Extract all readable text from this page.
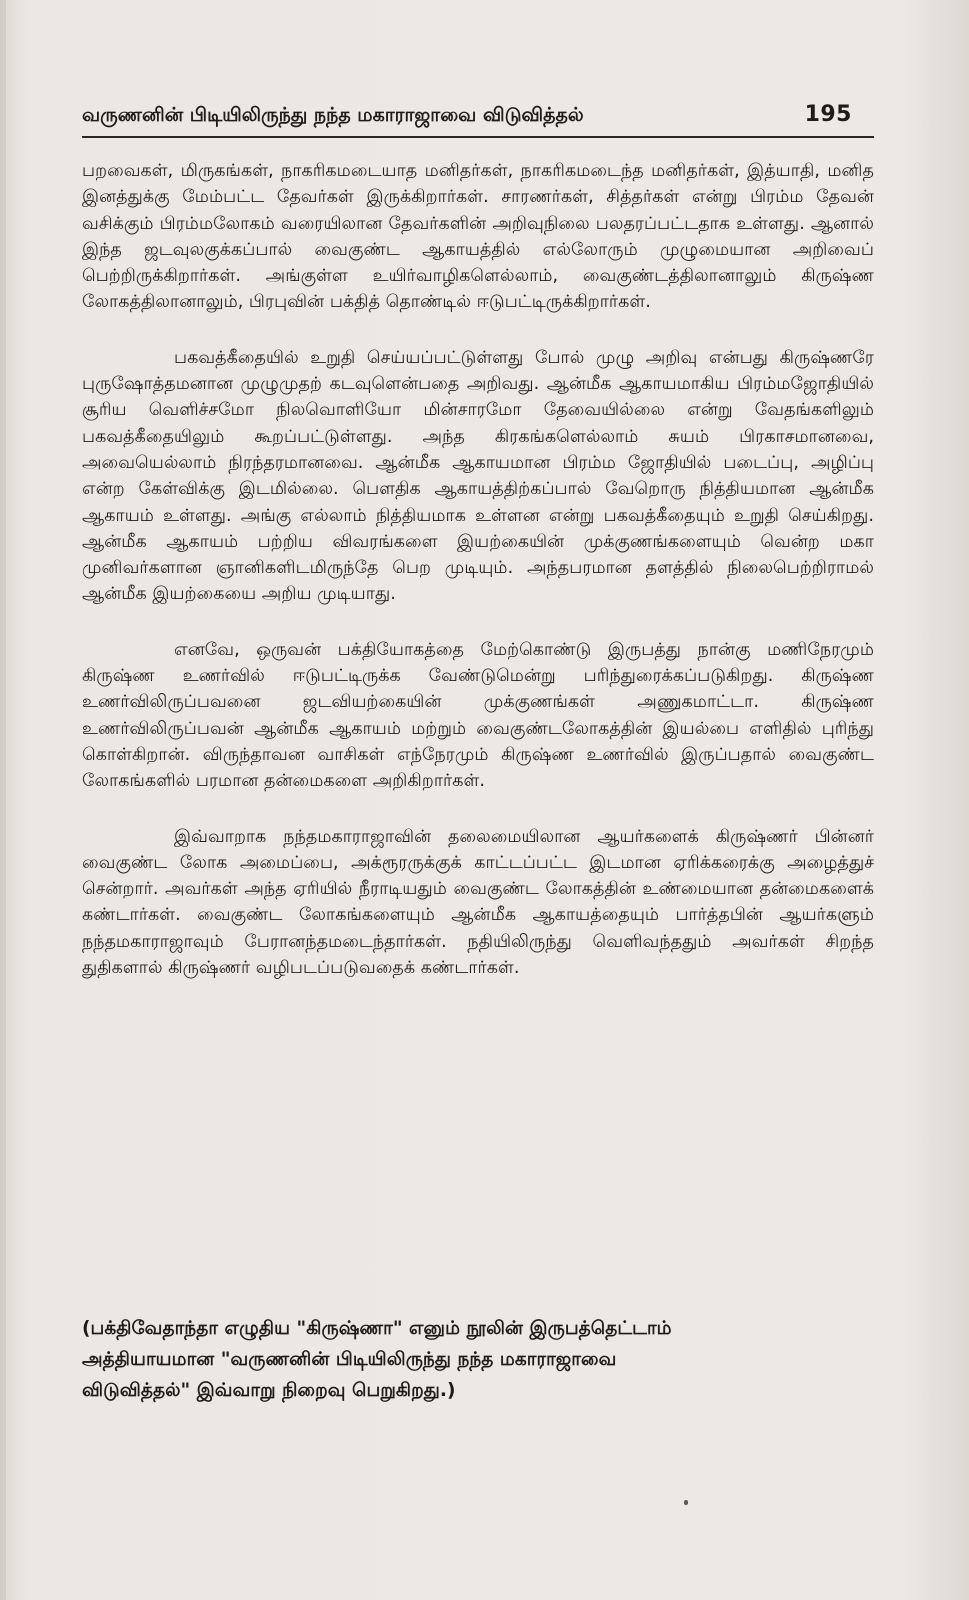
வருணனின் பிடியிலிருந்து நந்த மகாராஜாவை விடுவித்தல்	195

பறவைகள், மிருகங்கள், நாகரிகமடையாத மனிதர்கள், நாகரிகமடைந்த மனிதர்கள், இத்யாதி, மனித இனத்துக்கு மேம்பட்ட தேவர்கள் இருக்கிறார்கள். சாரணர்கள், சித்தர்கள் என்று பிரம்ம தேவன் வசிக்கும் பிரம்மலோகம் வரையிலான தேவர்களின் அறிவுநிலை பலதரப்பட்டதாக உள்ளது. ஆனால் இந்த ஜடவுலகுக்கப்பால் வைகுண்ட ஆகாயத்தில் எல்லோரும் முழுமையான அறிவைப் பெற்றிருக்கிறார்கள். அங்குள்ள உயிர்வாழிகளெல்லாம், வைகுண்டத்திலானாலும் கிருஷ்ண லோகத்திலானாலும், பிரபுவின் பக்தித் தொண்டில் ஈடுபட்டிருக்கிறார்கள்.

பகவத்கீதையில் உறுதி செய்யப்பட்டுள்ளது போல் முழு அறிவு என்பது கிருஷ்ணரே புருஷோத்தமனான முழுமுதற் கடவுளென்பதை அறிவது. ஆன்மீக ஆகாயமாகிய பிரம்மஜோதியில் சூரிய வெளிச்சமோ நிலவொளியோ மின்சாரமோ தேவையில்லை என்று வேதங்களிலும் பகவத்கீதையிலும் கூறப்பட்டுள்ளது. அந்த கிரகங்களெல்லாம் சுயம் பிரகாசமானவை, அவையெல்லாம் நிரந்தரமானவை. ஆன்மீக ஆகாயமான பிரம்ம ஜோதியில் படைப்பு, அழிப்பு என்ற கேள்விக்கு இடமில்லை. பௌதிக ஆகாயத்திற்கப்பால் வேறொரு நித்தியமான ஆன்மீக ஆகாயம் உள்ளது. அங்கு எல்லாம் நித்தியமாக உள்ளன என்று பகவத்கீதையும் உறுதி செய்கிறது. ஆன்மீக ஆகாயம் பற்றிய விவரங்களை இயற்கையின் முக்குணங்களையும் வென்ற மகா முனிவர்களான ஞானிகளிடமிருந்தே பெற முடியும். அந்தபரமான தளத்தில் நிலைபெற்றிராமல் ஆன்மீக இயற்கையை அறிய முடியாது.

எனவே, ஒருவன் பக்தியோகத்தை மேற்கொண்டு இருபத்து நான்கு மணிநேரமும் கிருஷ்ண உணர்வில் ஈடுபட்டிருக்க வேண்டுமென்று பரிந்துரைக்கப்படுகிறது. கிருஷ்ண உணர்விலிருப்பவனை ஜடவியற்கையின் முக்குணங்கள் அணுகமாட்டா. கிருஷ்ண உணர்விலிருப்பவன் ஆன்மீக ஆகாயம் மற்றும் வைகுண்டலோகத்தின் இயல்பை எளிதில் புரிந்து கொள்கிறான். விருந்தாவன வாசிகள் எந்நேரமும் கிருஷ்ண உணர்வில் இருப்பதால் வைகுண்ட லோகங்களில் பரமான தன்மைகளை அறிகிறார்கள்.

இவ்வாறாக நந்தமகாராஜாவின் தலைமையிலான ஆயர்களைக் கிருஷ்ணர் பின்னர் வைகுண்ட லோக அமைப்பை, அக்ரூரருக்குக் காட்டப்பட்ட இடமான ஏரிக்கரைக்கு அழைத்துச் சென்றார். அவர்கள் அந்த ஏரியில் நீராடியதும் வைகுண்ட லோகத்தின் உண்மையான தன்மைகளைக் கண்டார்கள். வைகுண்ட லோகங்களையும் ஆன்மீக ஆகாயத்தையும் பார்த்தபின் ஆயர்களும் நந்தமகாராஜாவும் பேரானந்தமடைந்தார்கள். நதியிலிருந்து வெளிவந்ததும் அவர்கள் சிறந்த துதிகளால் கிருஷ்ணர் வழிபடப்படுவதைக் கண்டார்கள்.

(பக்திவேதாந்தா எழுதிய "கிருஷ்ணா" எனும் நூலின் இருபத்தெட்டாம்
அத்தியாயமான "வருணனின் பிடியிலிருந்து நந்த மகாராஜாவை
விடுவித்தல்" இவ்வாறு நிறைவு பெறுகிறது.)
